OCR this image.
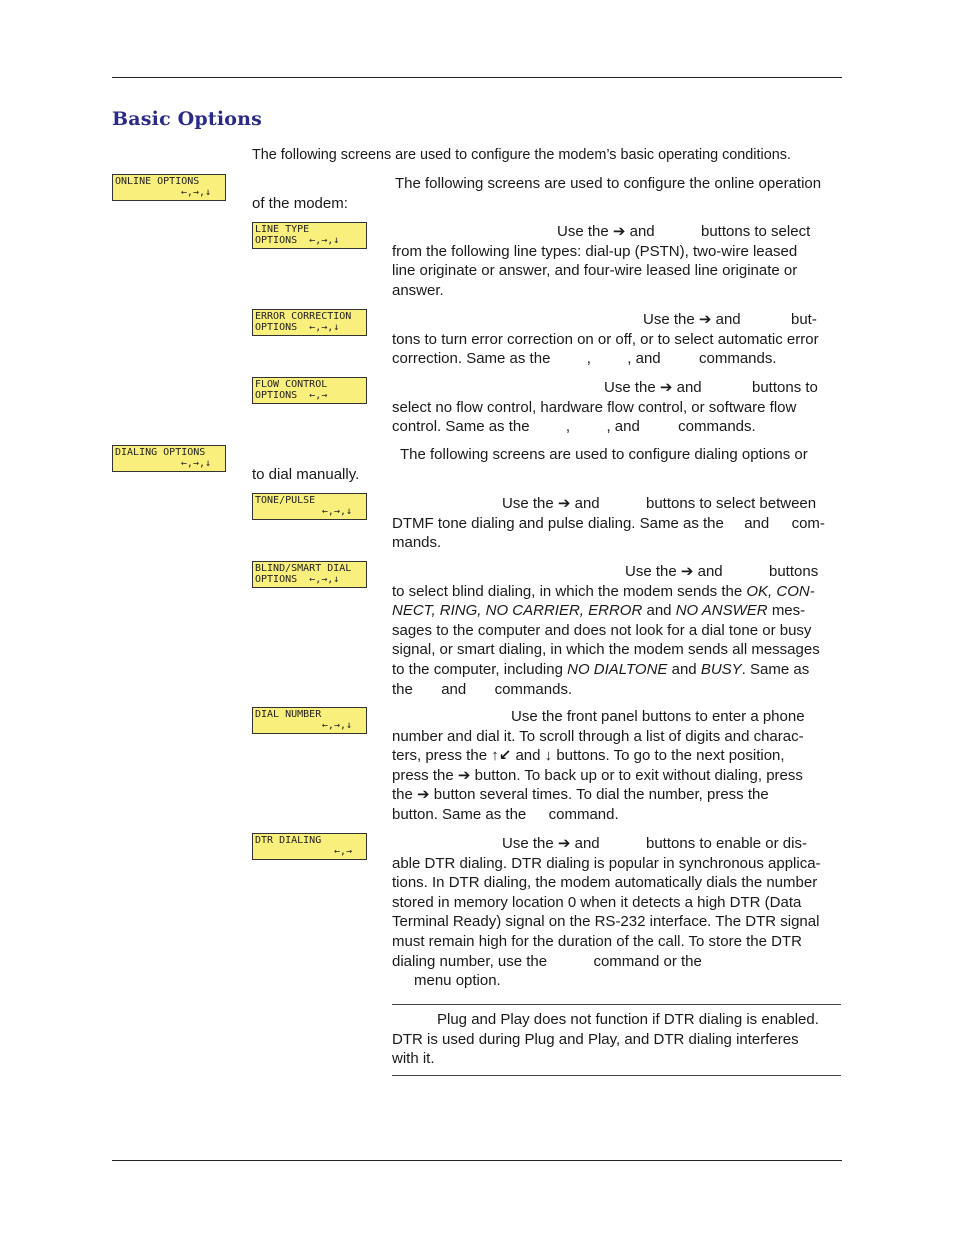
Basic Options

The following screens are used to configure the modem’s basic operating conditions.

ONLINE OPTIONS
←,→,↓
LINE TYPE
OPTIONS  ←,→,↓
ERROR CORRECTION
OPTIONS  ←,→,↓
FLOW CONTROL
OPTIONS  ←,→
DIALING OPTIONS
←,→,↓
TONE/PULSE
←,→,↓
BLIND/SMART DIAL
OPTIONS  ←,→,↓
DIAL NUMBER
←,→,↓
DTR DIALING
←,→
The following screens are used to configure the online operation
of the modem:
Use the ➔ and	buttons to select
from the following line types: dial-up (PSTN), two-wire leased
line originate or answer, and four-wire leased line originate or
answer.
Use the ➔ and	but-
tons to turn error correction on or off, or to select automatic error
correction. Same as the , , and	commands.
Use the ➔ and	buttons to
select no flow control, hardware flow control, or software flow
control. Same as the , , and	commands.
The following screens are used to configure dialing options or
to dial manually.
Use the ➔ and	buttons to select between
DTMF tone dialing and pulse dialing. Same as the and com-
mands.
Use the ➔ and	buttons
to select blind dialing, in which the modem sends the OK, CON-
NECT, RING, NO CARRIER, ERROR and NO ANSWER mes-
sages to the computer and does not look for a dial tone or busy
signal, or smart dialing, in which the modem sends all messages
to the computer, including NO DIALTONE and BUSY. Same as
the and commands.
Use the front panel buttons to enter a phone
number and dial it. To scroll through a list of digits and charac-
ters, press the ↑↙ and ↓ buttons. To go to the next position,
press the ➔ button. To back up or to exit without dialing, press
the ➔ button several times. To dial the number, press the
button. Same as the command.
Use the ➔ and	buttons to enable or dis-
able DTR dialing. DTR dialing is popular in synchronous applica-
tions. In DTR dialing, the modem automatically dials the number
stored in memory location 0 when it detects a high DTR (Data
Terminal Ready) signal on the RS-232 interface. The DTR signal
must remain high for the duration of the call. To store the DTR
dialing number, use the	command or the
menu option.
Plug and Play does not function if DTR dialing is enabled.
DTR is used during Plug and Play, and DTR dialing interferes
with it.
